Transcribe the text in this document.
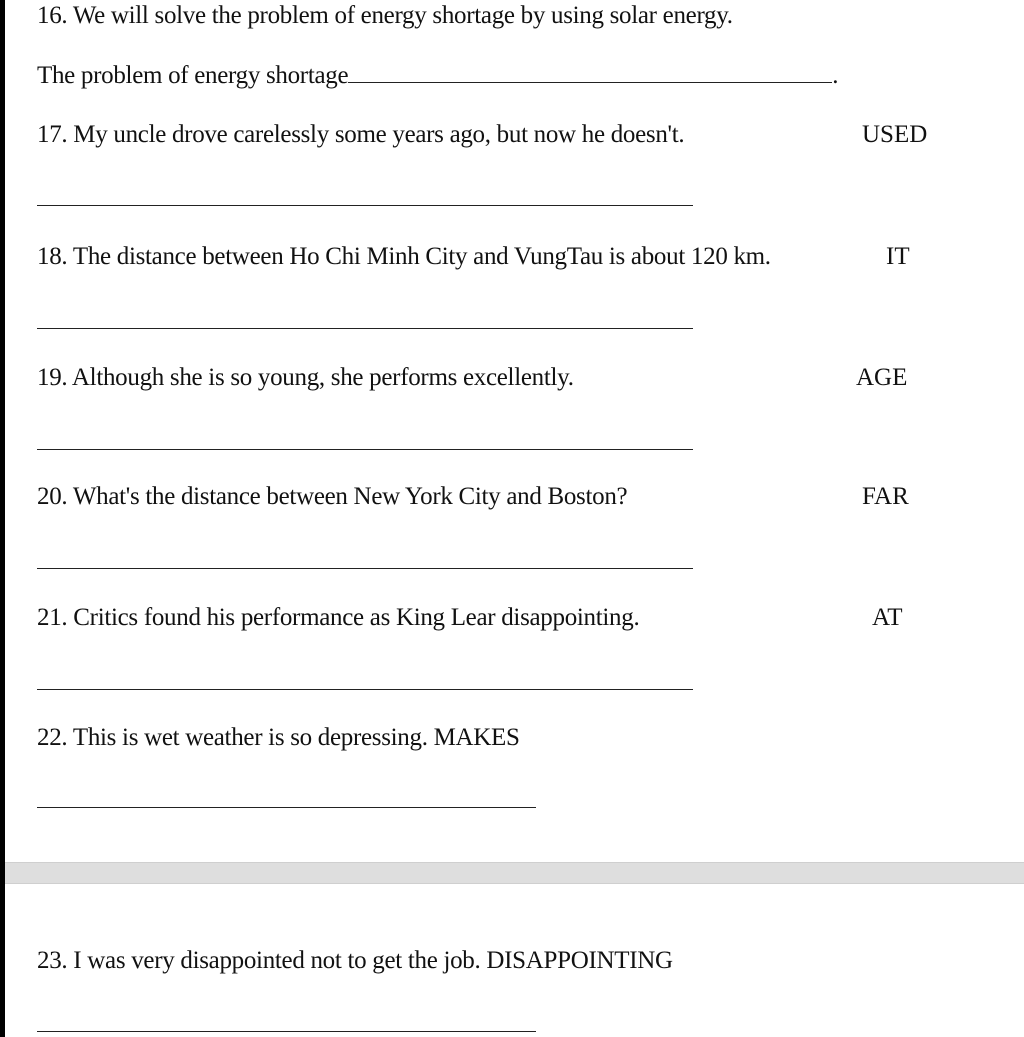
16. We will solve the problem of energy shortage by using solar energy.
The problem of energy shortage	.
17. My uncle drove carelessly some years ago, but now he doesn't.	USED
18. The distance between Ho Chi Minh City and VungTau is about 120 km.	IT
19. Although she is so young, she performs excellently.	AGE
20. What's the distance between New York City and Boston?	FAR
21. Critics found his performance as King Lear disappointing.	AT
22. This is wet weather is so depressing. MAKES
23. I was very disappointed not to get the job. DISAPPOINTING
